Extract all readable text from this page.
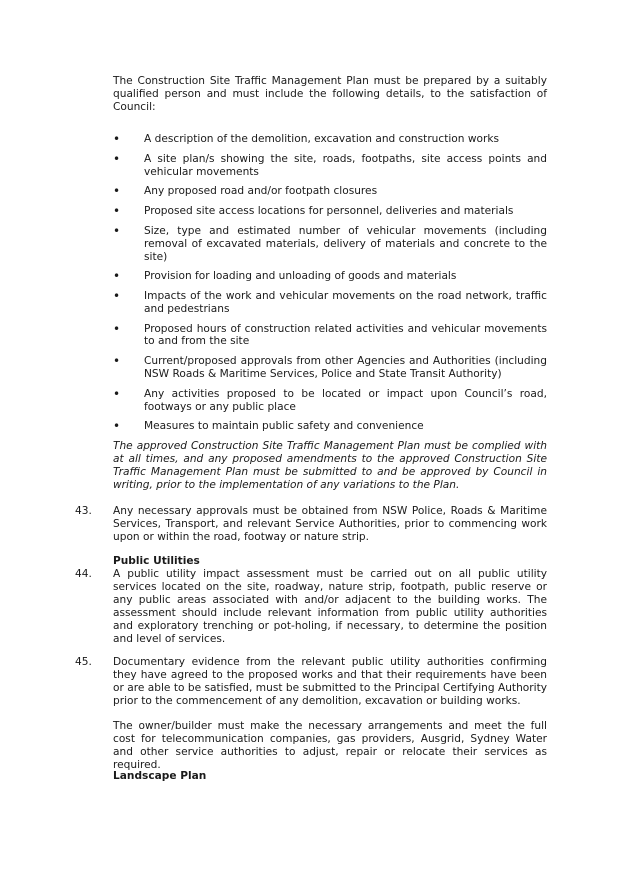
The Construction Site Traffic Management Plan must be prepared by a suitably qualified person and must include the following details, to the satisfaction of Council:
• A description of the demolition, excavation and construction works
• A site plan/s showing the site, roads, footpaths, site access points and vehicular movements
• Any proposed road and/or footpath closures
• Proposed site access locations for personnel, deliveries and materials
• Size, type and estimated number of vehicular movements (including removal of excavated materials, delivery of materials and concrete to the site)
• Provision for loading and unloading of goods and materials
• Impacts of the work and vehicular movements on the road network, traffic and pedestrians
• Proposed hours of construction related activities and vehicular movements to and from the site
• Current/proposed approvals from other Agencies and Authorities (including NSW Roads & Maritime Services, Police and State Transit Authority)
• Any activities proposed to be located or impact upon Council’s road, footways or any public place
• Measures to maintain public safety and convenience
The approved Construction Site Traffic Management Plan must be complied with at all times, and any proposed amendments to the approved Construction Site Traffic Management Plan must be submitted to and be approved by Council in writing, prior to the implementation of any variations to the Plan.
43. Any necessary approvals must be obtained from NSW Police, Roads & Maritime Services, Transport, and relevant Service Authorities, prior to commencing work upon or within the road, footway or nature strip.
Public Utilities
44. A public utility impact assessment must be carried out on all public utility services located on the site, roadway, nature strip, footpath, public reserve or any public areas associated with and/or adjacent to the building works. The assessment should include relevant information from public utility authorities and exploratory trenching or pot-holing, if necessary, to determine the position and level of services.
45. Documentary evidence from the relevant public utility authorities confirming they have agreed to the proposed works and that their requirements have been or are able to be satisfied, must be submitted to the Principal Certifying Authority prior to the commencement of any demolition, excavation or building works.
The owner/builder must make the necessary arrangements and meet the full cost for telecommunication companies, gas providers, Ausgrid, Sydney Water and other service authorities to adjust, repair or relocate their services as required.
Landscape Plan
